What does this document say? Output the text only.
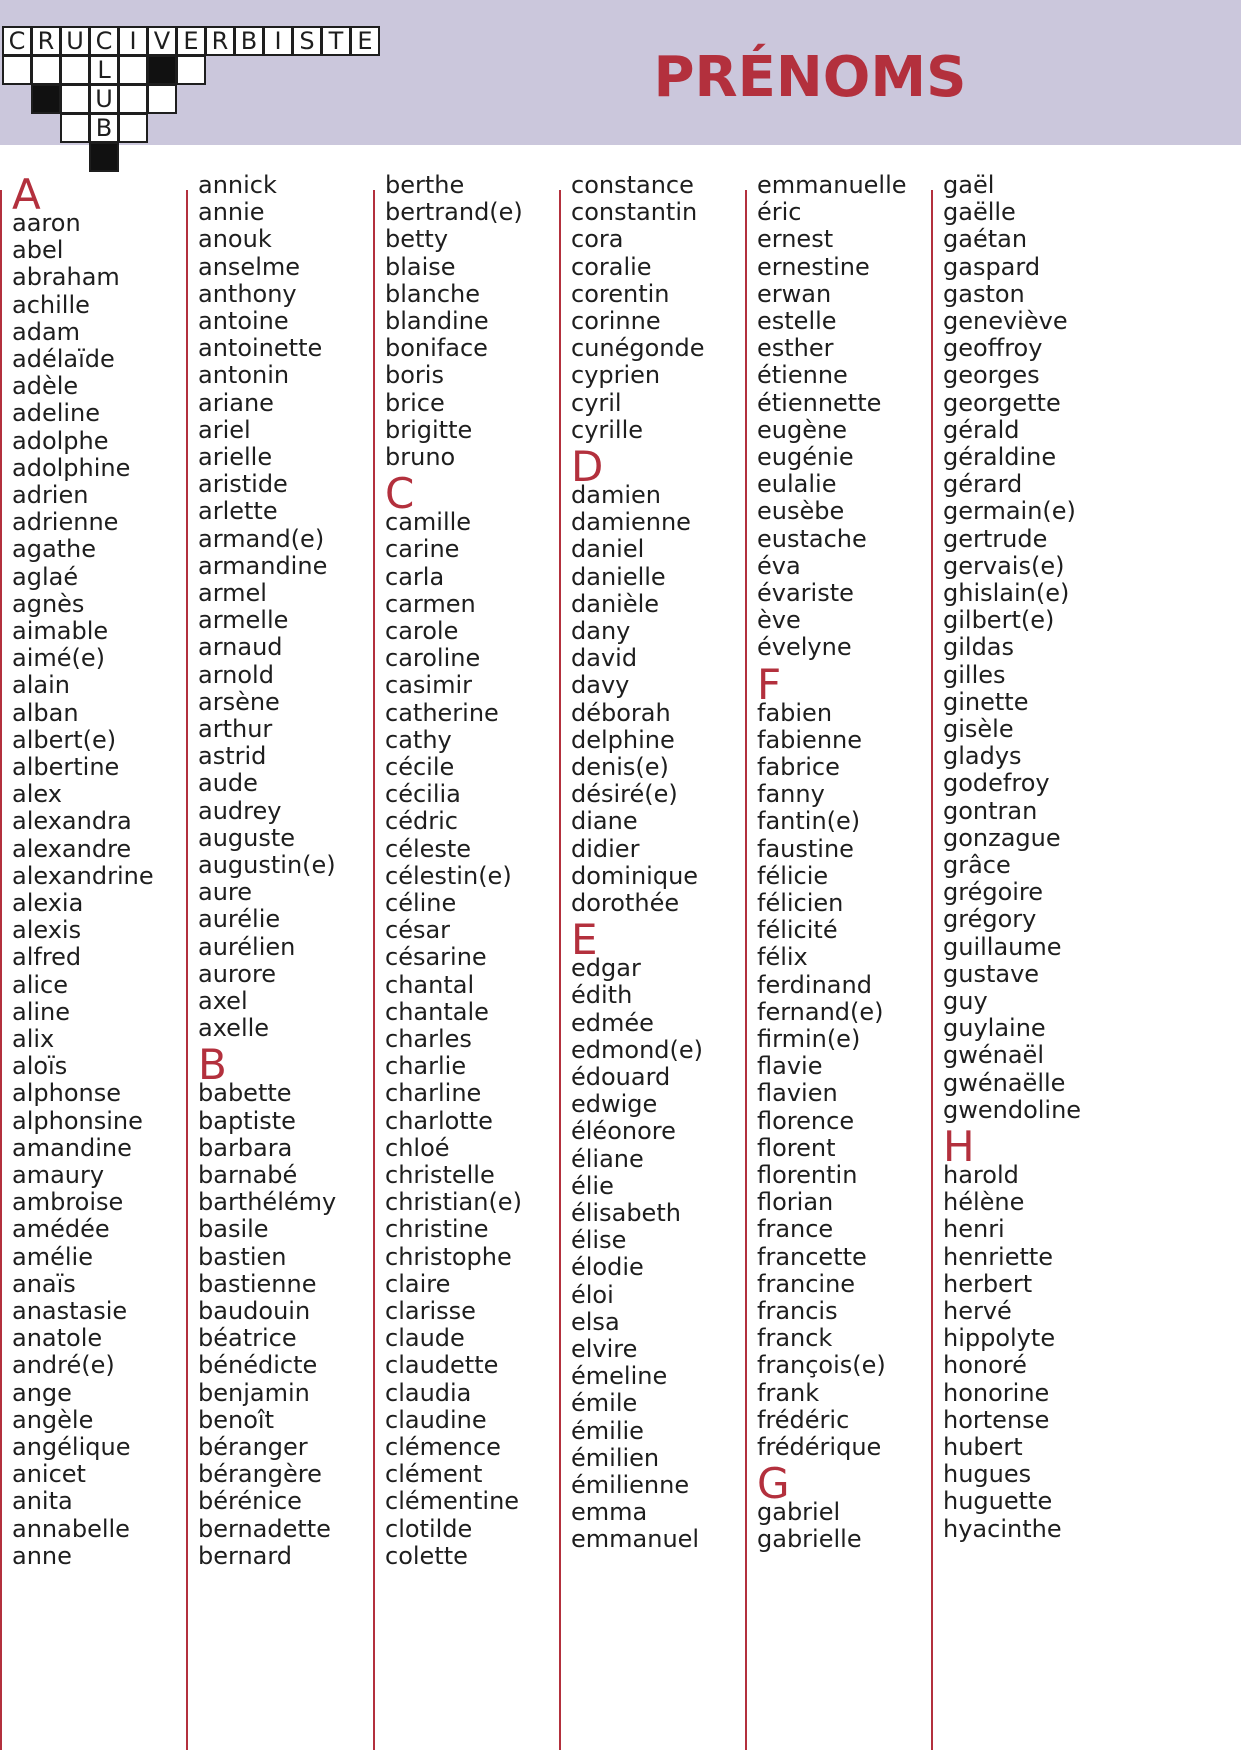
C R U C I V E R B I S T E
L
U
B
PRÉNOMS
A
aaron
abel
abraham
achille
adam
adélaïde
adèle
adeline
adolphe
adolphine
adrien
adrienne
agathe
aglaé
agnès
aimable
aimé(e)
alain
alban
albert(e)
albertine
alex
alexandra
alexandre
alexandrine
alexia
alexis
alfred
alice
aline
alix
aloïs
alphonse
alphonsine
amandine
amaury
ambroise
amédée
amélie
anaïs
anastasie
anatole
andré(e)
ange
angèle
angélique
anicet
anita
annabelle
anne
annick
annie
anouk
anselme
anthony
antoine
antoinette
antonin
ariane
ariel
arielle
aristide
arlette
armand(e)
armandine
armel
armelle
arnaud
arnold
arsène
arthur
astrid
aude
audrey
auguste
augustin(e)
aure
aurélie
aurélien
aurore
axel
axelle
B
babette
baptiste
barbara
barnabé
barthélémy
basile
bastien
bastienne
baudouin
béatrice
bénédicte
benjamin
benoît
béranger
bérangère
bérénice
bernadette
bernard
berthe
bertrand(e)
betty
blaise
blanche
blandine
boniface
boris
brice
brigitte
bruno
C
camille
carine
carla
carmen
carole
caroline
casimir
catherine
cathy
cécile
cécilia
cédric
céleste
célestin(e)
céline
césar
césarine
chantal
chantale
charles
charlie
charline
charlotte
chloé
christelle
christian(e)
christine
christophe
claire
clarisse
claude
claudette
claudia
claudine
clémence
clément
clémentine
clotilde
colette
constance
constantin
cora
coralie
corentin
corinne
cunégonde
cyprien
cyril
cyrille
D
damien
damienne
daniel
danielle
danièle
dany
david
davy
déborah
delphine
denis(e)
désiré(e)
diane
didier
dominique
dorothée
E
edgar
édith
edmée
edmond(e)
édouard
edwige
éléonore
éliane
élie
élisabeth
élise
élodie
éloi
elsa
elvire
émeline
émile
émilie
émilien
émilienne
emma
emmanuel
emmanuelle
éric
ernest
ernestine
erwan
estelle
esther
étienne
étiennette
eugène
eugénie
eulalie
eusèbe
eustache
éva
évariste
ève
évelyne
F
fabien
fabienne
fabrice
fanny
fantin(e)
faustine
félicie
félicien
félicité
félix
ferdinand
fernand(e)
firmin(e)
flavie
flavien
florence
florent
florentin
florian
france
francette
francine
francis
franck
françois(e)
frank
frédéric
frédérique
G
gabriel
gabrielle
gaël
gaëlle
gaétan
gaspard
gaston
geneviève
geoffroy
georges
georgette
gérald
géraldine
gérard
germain(e)
gertrude
gervais(e)
ghislain(e)
gilbert(e)
gildas
gilles
ginette
gisèle
gladys
godefroy
gontran
gonzague
grâce
grégoire
grégory
guillaume
gustave
guy
guylaine
gwénaël
gwénaëlle
gwendoline
H
harold
hélène
henri
henriette
herbert
hervé
hippolyte
honoré
honorine
hortense
hubert
hugues
huguette
hyacinthe
